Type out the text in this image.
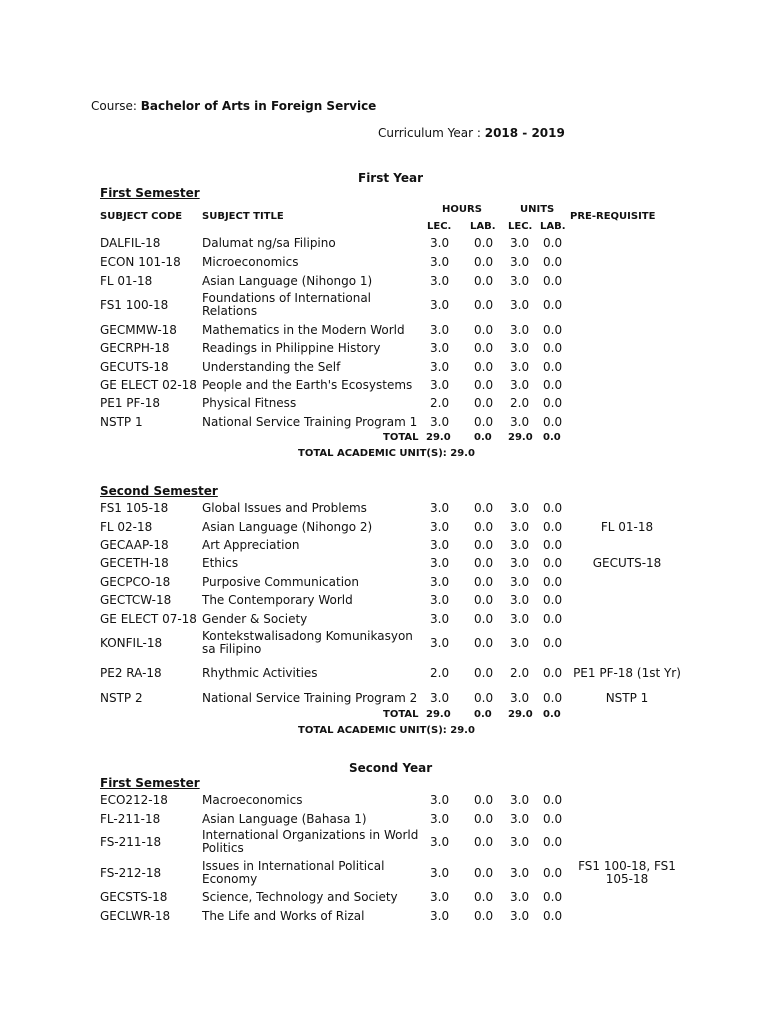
Course: Bachelor of Arts in Foreign Service
Curriculum Year : 2018 - 2019
First Year
First Semester
SUBJECT CODE SUBJECT TITLE
HOURS	UNITS
PRE-REQUISITE
LEC. LAB. LEC. LAB.
DALFIL-18	Dalumat ng/sa Filipino	3.0 0.0 3.0 0.0
ECON 101-18 Microeconomics	3.0 0.0 3.0 0.0
FL 01-18	Asian Language (Nihongo 1)	3.0 0.0 3.0 0.0
FS1 100-18	Foundations of International Relations	3.0 0.0 3.0 0.0
GECMMW-18 Mathematics in the Modern World	3.0 0.0 3.0 0.0
GECRPH-18	Readings in Philippine History	3.0 0.0 3.0 0.0
GECUTS-18	Understanding the Self	3.0 0.0 3.0 0.0
GE ELECT 02-18 People and the Earth's Ecosystems	3.0 0.0 3.0 0.0
PE1 PF-18	Physical Fitness	2.0 0.0 2.0 0.0
NSTP 1	National Service Training Program 1	3.0 0.0 3.0 0.0
TOTAL 29.0 0.0 29.0 0.0
TOTAL ACADEMIC UNIT(S): 29.0
Second Semester
FS1 105-18	Global Issues and Problems	3.0 0.0 3.0 0.0
FL 02-18	Asian Language (Nihongo 2)	3.0 0.0 3.0 0.0	FL 01-18
GECAAP-18	Art Appreciation	3.0 0.0 3.0 0.0
GECETH-18	Ethics	3.0 0.0 3.0 0.0	GECUTS-18
GECPCO-18	Purposive Communication	3.0 0.0 3.0 0.0
GECTCW-18	The Contemporary World	3.0 0.0 3.0 0.0
GE ELECT 07-18 Gender & Society	3.0 0.0 3.0 0.0
KONFIL-18	Kontekstwalisadong Komunikasyon sa Filipino	3.0 0.0 3.0 0.0
PE2 RA-18	Rhythmic Activities	2.0 0.0 2.0 0.0 PE1 PF-18 (1st Yr)
NSTP 2	National Service Training Program 2	3.0 0.0 3.0 0.0	NSTP 1
TOTAL 29.0 0.0 29.0 0.0
TOTAL ACADEMIC UNIT(S): 29.0
Second Year
First Semester
ECO212-18	Macroeconomics	3.0 0.0 3.0 0.0
FL-211-18	Asian Language (Bahasa 1)	3.0 0.0 3.0 0.0
FS-211-18	International Organizations in World Politics	3.0 0.0 3.0 0.0
FS-212-18	Issues in International Political Economy	3.0 0.0 3.0 0.0	FS1 100-18, FS1 105-18
GECSTS-18	Science, Technology and Society	3.0 0.0 3.0 0.0
GECLWR-18	The Life and Works of Rizal	3.0 0.0 3.0 0.0
